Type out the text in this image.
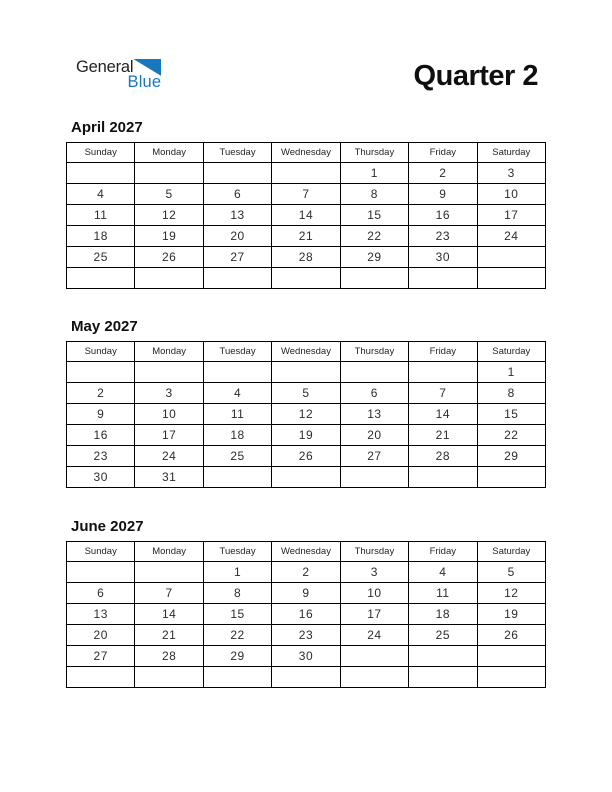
General
Blue	Quarter 2
April 2027
Sunday	Monday	Tuesday	Wednesday	Thursday	Friday	Saturday
				1	2	3
4	5	6	7	8	9	10
11	12	13	14	15	16	17
18	19	20	21	22	23	24
25	26	27	28	29	30	

May 2027
Sunday	Monday	Tuesday	Wednesday	Thursday	Friday	Saturday
						1
2	3	4	5	6	7	8
9	10	11	12	13	14	15
16	17	18	19	20	21	22
23	24	25	26	27	28	29
30	31					
June 2027
Sunday	Monday	Tuesday	Wednesday	Thursday	Friday	Saturday
		1	2	3	4	5
6	7	8	9	10	11	12
13	14	15	16	17	18	19
20	21	22	23	24	25	26
27	28	29	30			
